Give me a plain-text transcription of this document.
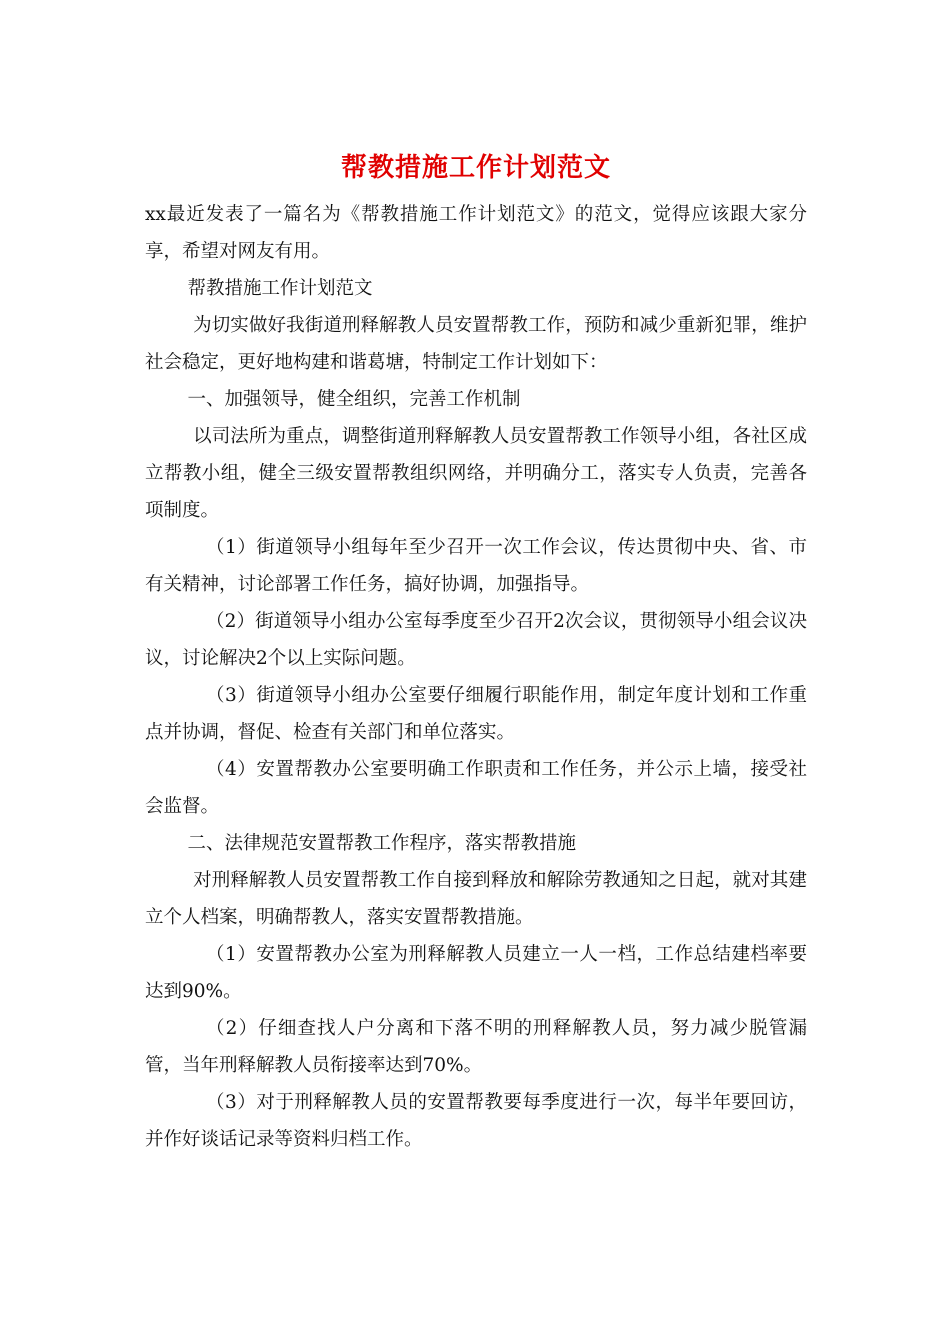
帮教措施工作计划范文

xx最近发表了一篇名为《帮教措施工作计划范文》的范文，觉得应该跟大家分享，希望对网友有用。

帮教措施工作计划范文

为切实做好我街道刑释解教人员安置帮教工作，预防和减少重新犯罪，维护社会稳定，更好地构建和谐葛塘，特制定工作计划如下：

一、加强领导，健全组织，完善工作机制

以司法所为重点，调整街道刑释解教人员安置帮教工作领导小组，各社区成立帮教小组，健全三级安置帮教组织网络，并明确分工，落实专人负责，完善各项制度。

（1）街道领导小组每年至少召开一次工作会议，传达贯彻中央、省、市有关精神，讨论部署工作任务，搞好协调，加强指导。

（2）街道领导小组办公室每季度至少召开2次会议，贯彻领导小组会议决议，讨论解决2个以上实际问题。

（3）街道领导小组办公室要仔细履行职能作用，制定年度计划和工作重点并协调，督促、检查有关部门和单位落实。

（4）安置帮教办公室要明确工作职责和工作任务，并公示上墙，接受社会监督。

二、法律规范安置帮教工作程序，落实帮教措施

对刑释解教人员安置帮教工作自接到释放和解除劳教通知之日起，就对其建立个人档案，明确帮教人，落实安置帮教措施。

（1）安置帮教办公室为刑释解教人员建立一人一档，工作总结建档率要达到90%。

（2）仔细查找人户分离和下落不明的刑释解教人员，努力减少脱管漏管，当年刑释解教人员衔接率达到70%。

（3）对于刑释解教人员的安置帮教要每季度进行一次，每半年要回访，并作好谈话记录等资料归档工作。
